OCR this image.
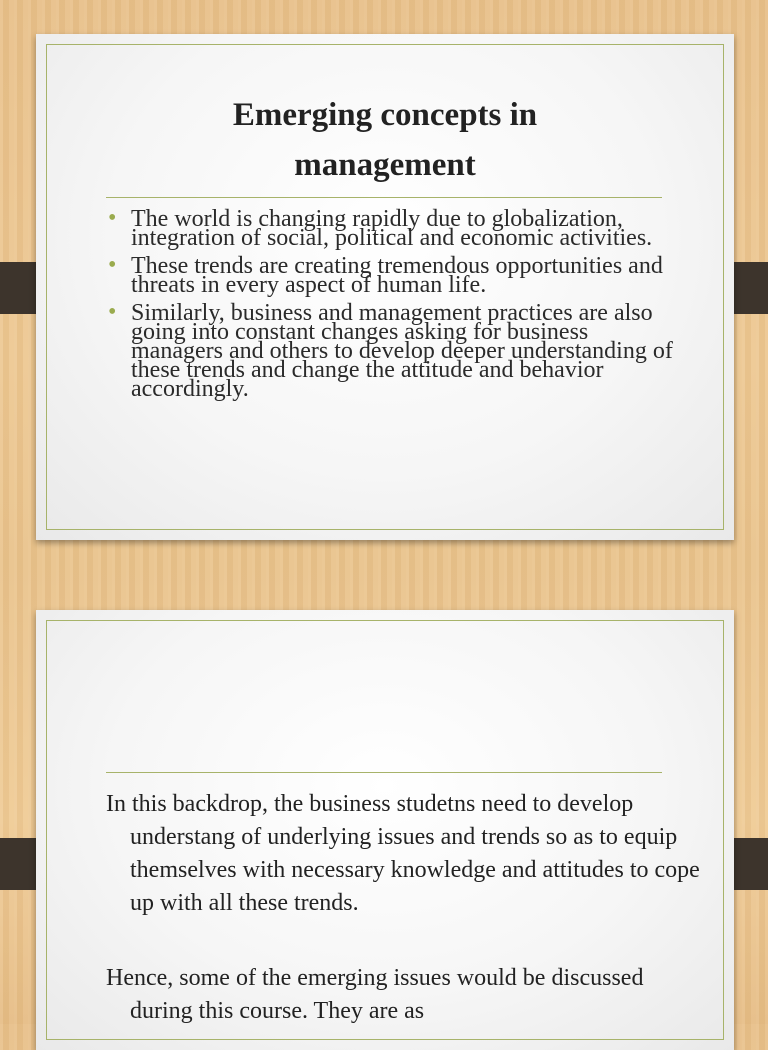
Emerging concepts in management
• The world is changing rapidly due to globalization, integration of social, political and economic activities.
• These trends are creating tremendous opportunities and threats in every aspect of human life.
• Similarly, business and management practices are also going into constant changes asking for business managers and others to develop deeper understanding of these trends and change the attitude and behavior accordingly.

In this backdrop, the business studetns need to develop understang of underlying issues and trends so as to equip themselves with necessary knowledge and attitudes to cope up with all these trends.

Hence, some of the emerging issues would be discussed during this course. They are as
